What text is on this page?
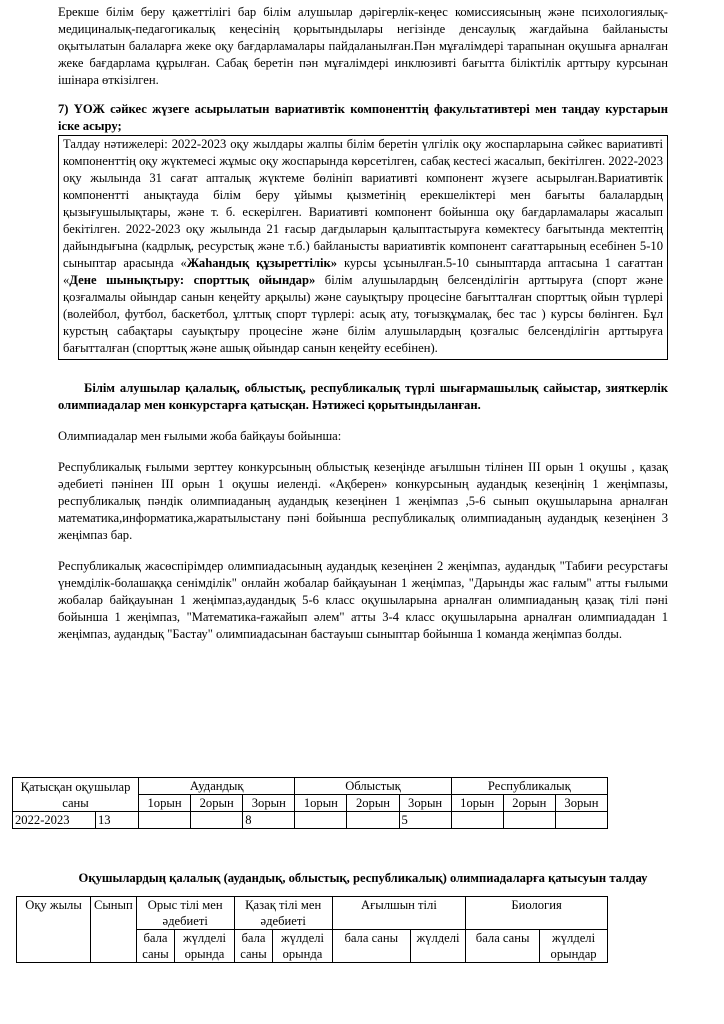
Ерекше білім беру қажеттілігі бар білім алушылар дәрігерлік-кеңес комиссиясының және психологиялық-медициналық-педагогикалық кеңесінің қорытындылары негізінде денсаулық жағдайына байланысты оқытылатын балаларға жеке оқу бағдарламалары пайдаланылған.Пән мұғалімдері тарапынан оқушыға арналған жеке бағдарлама құрылған. Сабақ беретін пән мұғалімдері инклюзивті бағытта біліктілік арттыру курсынан ішінара өткізілген.

7) ҮОЖ сәйкес жүзеге асырылатын вариативтік компоненттің факультативтері мен таңдау курстарын іске асыру;

Талдау нәтижелері: 2022-2023 оқу жылдары жалпы білім беретін үлгілік оқу жоспарларына сәйкес вариативті компоненттің оқу жүктемесі жұмыс оқу жоспарында көрсетілген, сабақ кестесі жасалып, бекітілген. 2022-2023 оқу жылында 31 сағат апталық жүктеме бөлініп вариативті компонент жүзеге асырылған.Вариативтік компонентті анықтауда білім беру ұйымы қызметінің ерекшеліктері мен бағыты балалардың қызығушылықтары, және т. б. ескерілген. Вариативті компонент бойынша оқу бағдарламалары жасалып бекітілген. 2022-2023 оқу жылында 21 ғасыр дағдыларын қалыптастыруға көмектесу бағытында мектептің дайындығына (кадрлық, ресурстық және т.б.) байланысты вариативтік компонент сағаттарының есебінен 5-10 сыныптар арасында «Жаһандық құзыреттілік» курсы ұсынылған.5-10 сыныптарда аптасына 1 сағаттан «Дене шынықтыру: спорттық ойындар» білім алушылардың белсенділігін арттыруға (спорт және қозғалмалы ойындар санын кеңейту арқылы) және сауықтыру процесіне бағытталған спорттық ойын түрлері (волейбол, футбол, баскетбол, ұлттық спорт түрлері: асық ату, тоғызқұмалақ, бес тас ) курсы бөлінген. Бұл курстың сабақтары сауықтыру процесіне және білім алушылардың қозғалыс белсенділігін арттыруға бағытталған (спорттық және ашық ойындар санын кеңейту есебінен).

Білім алушылар қалалық, облыстық, республикалық түрлі шығармашылық сайыстар, зияткерлік олимпиадалар мен конкурстарға қатысқан. Нәтижесі қорытындыланған.

Олимпиадалар мен ғылыми жоба байқауы бойынша:

Республикалық ғылыми зерттеу конкурсының облыстық кезеңінде ағылшын тілінен ІІІ орын 1 оқушы , қазақ әдебиеті пәнінен ІІІ орын 1 оқушы иеленді. «Ақберен» конкурсының аудандық кезеңінің 1 жеңімпазы, республикалық пәндік олимпиаданың аудандық кезеңінен 1 жеңімпаз ,5-6 сынып оқушыларына арналған математика,информатика,жаратылыстану пәні бойынша республикалық олимпиаданың аудандық кезеңінен 3 жеңімпаз бар.

Республикалық жасөспірімдер олимпиадасының аудандық кезеңінен 2 жеңімпаз, аудандық "Табиғи ресурстағы үнемділік-болашаққа сенімділік" онлайн жобалар байқауынан 1 жеңімпаз, "Дарынды жас ғалым" атты ғылыми жобалар байқауынан 1 жеңімпаз,аудандық 5-6 класс оқушыларына арналған олимпиаданың қазақ тілі пәні бойынша 1 жеңімпаз, "Математика-ғажайып әлем" атты 3-4 класс оқушыларына арналған олимпиададан 1 жеңімпаз, аудандық "Бастау" олимпиадасынан бастауыш сыныптар бойынша 1 команда жеңімпаз болды.

Қатысқан оқушылар саны		Аудандық			Облыстық			Республикалық		
		1орын	2орын	3орын	1орын	2орын	3орын	1орын	2орын	3орын
2022-2023	13			8			5			

Оқушылардың қалалық (аудандық, облыстық, республикалық) олимпиадаларға қатысуын талдау

Оқу жылы	Сынып	Орыс тілі мен әдебиеті		Қазақ тілі мен әдебиеті		Ағылшын тілі		Биология	
		бала саны	жүлделі орында	бала саны	жүлделі орында	бала саны	жүлделі	бала саны	жүлделі орындар
